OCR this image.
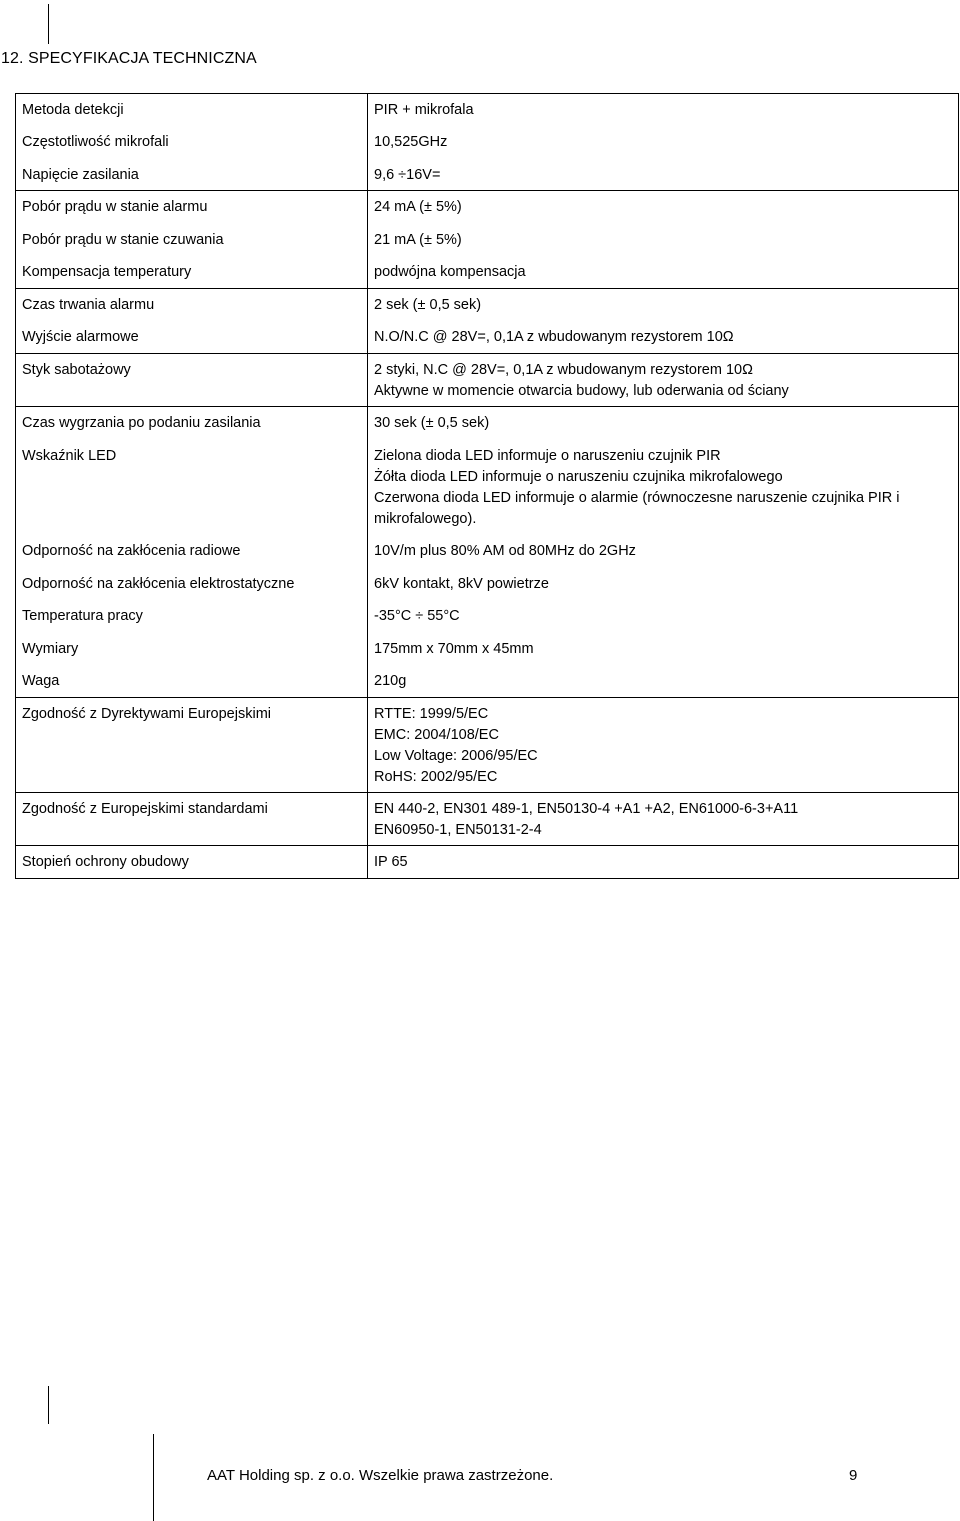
12. SPECYFIKACJA TECHNICZNA
Metoda detekcji	PIR + mikrofala
Częstotliwość mikrofali	10,525GHz
Napięcie zasilania	9,6 ÷16V=
Pobór prądu w stanie alarmu	24 mA (± 5%)
Pobór prądu w stanie czuwania	21 mA (± 5%)
Kompensacja temperatury	podwójna kompensacja
Czas trwania alarmu	2 sek (± 0,5 sek)
Wyjście alarmowe	N.O/N.C @ 28V=, 0,1A z wbudowanym rezystorem 10Ω
Styk sabotażowy	2 styki, N.C @ 28V=, 0,1A z wbudowanym rezystorem 10Ω
Aktywne w momencie otwarcia budowy, lub oderwania od ściany
Czas wygrzania po podaniu zasilania	30 sek (± 0,5 sek)
Wskaźnik LED	Zielona dioda LED informuje o naruszeniu czujnik PIR
Żółta dioda LED informuje o naruszeniu czujnika mikrofalowego
Czerwona dioda LED informuje o alarmie (równoczesne naruszenie czujnika PIR i mikrofalowego).
Odporność na zakłócenia radiowe	10V/m plus 80% AM od 80MHz do 2GHz
Odporność na zakłócenia elektrostatyczne	6kV kontakt, 8kV powietrze
Temperatura pracy	-35°C ÷ 55°C
Wymiary	175mm x 70mm x 45mm
Waga	210g
Zgodność z Dyrektywami Europejskimi	RTTE: 1999/5/EC
EMC: 2004/108/EC
Low Voltage: 2006/95/EC
RoHS: 2002/95/EC
Zgodność z Europejskimi standardami	EN 440-2, EN301 489-1, EN50130-4 +A1 +A2, EN61000-6-3+A11
EN60950-1, EN50131-2-4
Stopień ochrony obudowy	IP 65
AAT Holding sp. z o.o. Wszelkie prawa zastrzeżone.	9
